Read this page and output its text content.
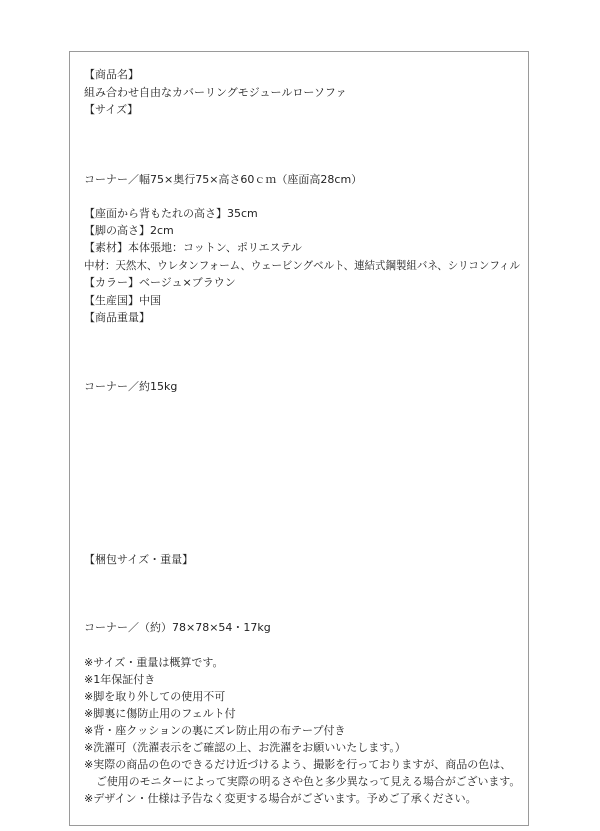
【商品名】
組み合わせ自由なカバーリングモジュールローソファ
【サイズ】
コーナー／幅75×奥行75×高さ60ｃｍ（座面高28cm）
【座面から背もたれの高さ】35cm
【脚の高さ】2cm
【素材】本体張地：コットン、ポリエステル
中材：天然木、ウレタンフォーム、ウェービングベルト、連結式鋼製組バネ、シリコンフィル
【カラー】ベージュ×ブラウン
【生産国】中国
【商品重量】
コーナー／約15kg
【梱包サイズ・重量】
コーナー／（約）78×78×54・17kg
※サイズ・重量は概算です。
※1年保証付き
※脚を取り外しての使用不可
※脚裏に傷防止用のフェルト付
※背・座クッションの裏にズレ防止用の布テープ付き
※洗濯可（洗濯表示をご確認の上、お洗濯をお願いいたします。）
※実際の商品の色のできるだけ近づけるよう、撮影を行っておりますが、商品の色は、
ご使用のモニターによって実際の明るさや色と多少異なって見える場合がございます。
※デザイン・仕様は予告なく変更する場合がございます。予めご了承ください。
